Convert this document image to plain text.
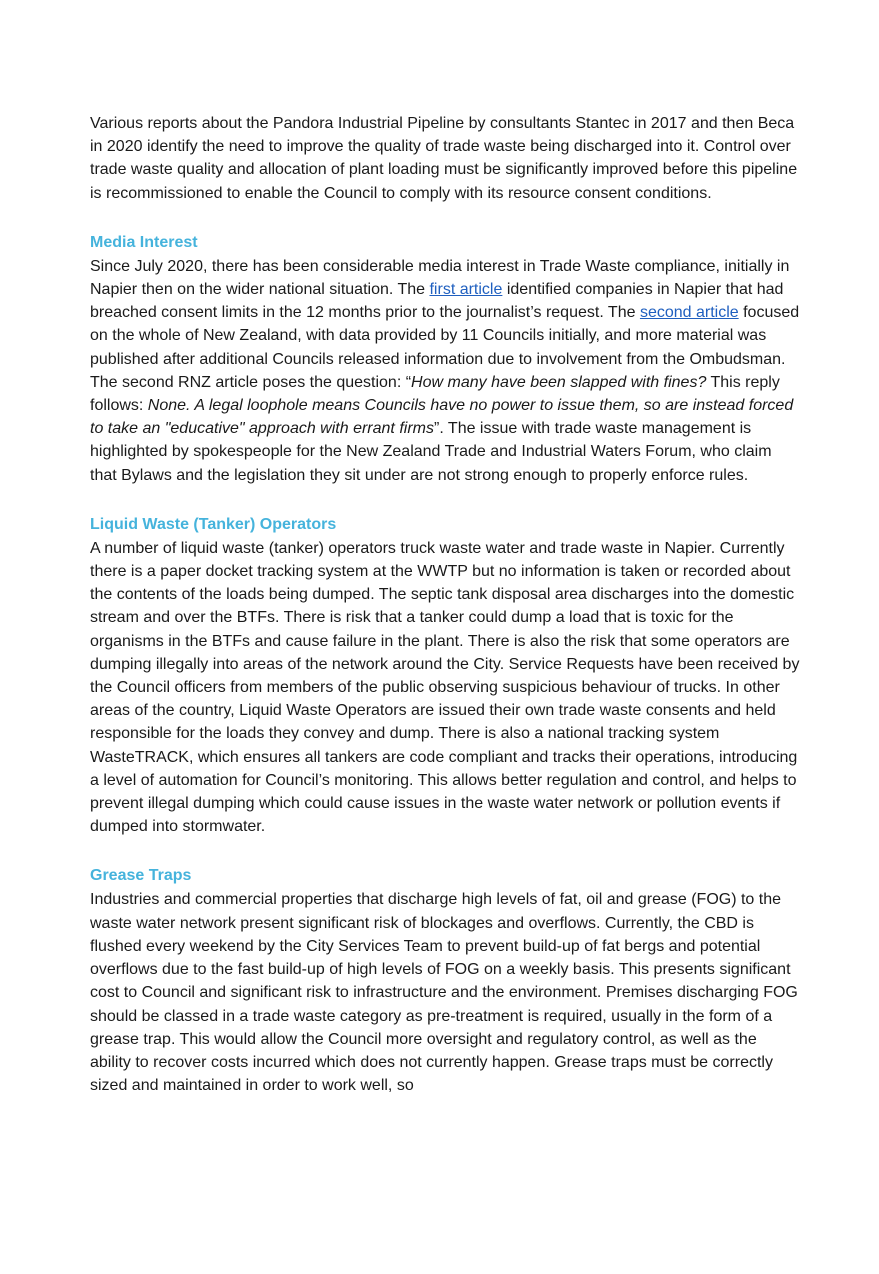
Various reports about the Pandora Industrial Pipeline by consultants Stantec in 2017 and then Beca in 2020 identify the need to improve the quality of trade waste being discharged into it. Control over trade waste quality and allocation of plant loading must be significantly improved before this pipeline is recommissioned to enable the Council to comply with its resource consent conditions.

Media Interest

Since July 2020, there has been considerable media interest in Trade Waste compliance, initially in Napier then on the wider national situation. The first article identified companies in Napier that had breached consent limits in the 12 months prior to the journalist’s request. The second article focused on the whole of New Zealand, with data provided by 11 Councils initially, and more material was published after additional Councils released information due to involvement from the Ombudsman. The second RNZ article poses the question: “How many have been slapped with fines? This reply follows: None. A legal loophole means Councils have no power to issue them, so are instead forced to take an "educative" approach with errant firms”. The issue with trade waste management is highlighted by spokespeople for the New Zealand Trade and Industrial Waters Forum, who claim that Bylaws and the legislation they sit under are not strong enough to properly enforce rules.

Liquid Waste (Tanker) Operators

A number of liquid waste (tanker) operators truck waste water and trade waste in Napier. Currently there is a paper docket tracking system at the WWTP but no information is taken or recorded about the contents of the loads being dumped. The septic tank disposal area discharges into the domestic stream and over the BTFs. There is risk that a tanker could dump a load that is toxic for the organisms in the BTFs and cause failure in the plant. There is also the risk that some operators are dumping illegally into areas of the network around the City. Service Requests have been received by the Council officers from members of the public observing suspicious behaviour of trucks. In other areas of the country, Liquid Waste Operators are issued their own trade waste consents and held responsible for the loads they convey and dump. There is also a national tracking system WasteTRACK, which ensures all tankers are code compliant and tracks their operations, introducing a level of automation for Council’s monitoring. This allows better regulation and control, and helps to prevent illegal dumping which could cause issues in the waste water network or pollution events if dumped into stormwater.

Grease Traps

Industries and commercial properties that discharge high levels of fat, oil and grease (FOG) to the waste water network present significant risk of blockages and overflows. Currently, the CBD is flushed every weekend by the City Services Team to prevent build-up of fat bergs and potential overflows due to the fast build-up of high levels of FOG on a weekly basis. This presents significant cost to Council and significant risk to infrastructure and the environment. Premises discharging FOG should be classed in a trade waste category as pre-treatment is required, usually in the form of a grease trap. This would allow the Council more oversight and regulatory control, as well as the ability to recover costs incurred which does not currently happen. Grease traps must be correctly sized and maintained in order to work well, so
